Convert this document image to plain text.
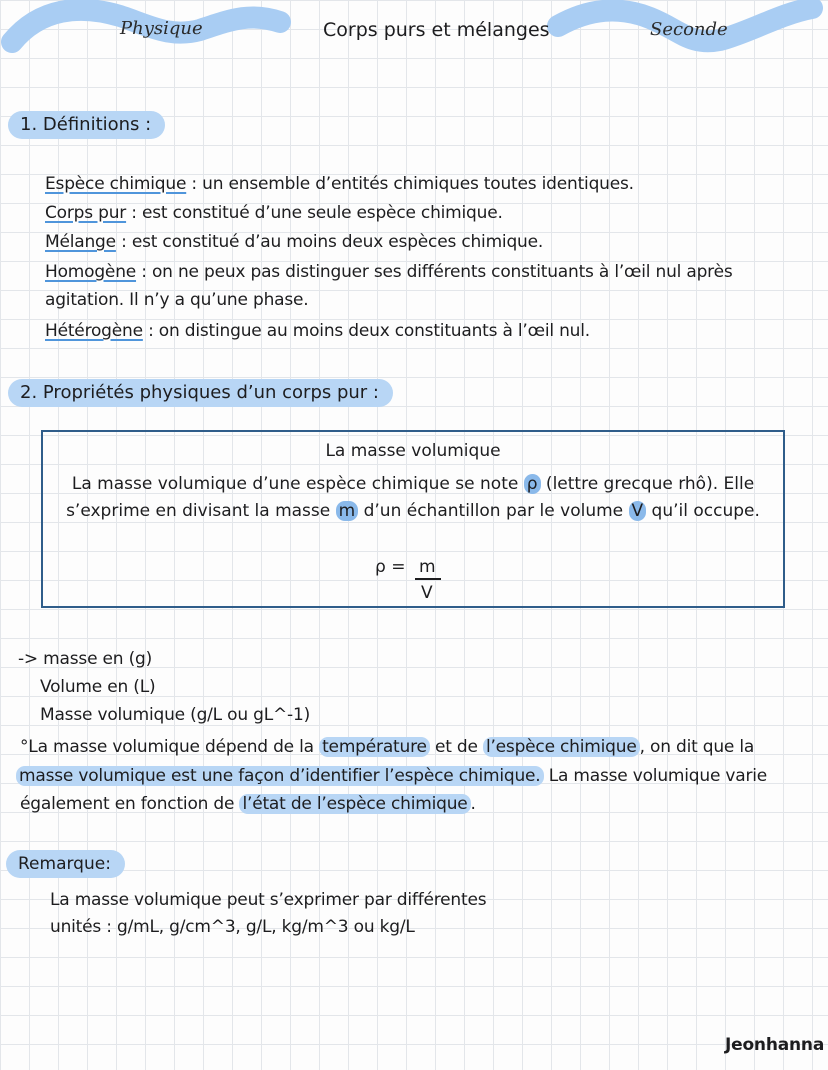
Physique	Corps purs et mélanges	Seconde
1. Définitions :
Espèce chimique : un ensemble d’entités chimiques toutes identiques.
Corps pur : est constitué d’une seule espèce chimique.
Mélange : est constitué d’au moins deux espèces chimique.
Homogène : on ne peux pas distinguer ses différents constituants à l’œil nul après
agitation. Il n’y a qu’une phase.
Hétérogène : on distingue au moins deux constituants à l’œil nul.
2. Propriétés physiques d’un corps pur :
La masse volumique
La masse volumique d’une espèce chimique se note ρ (lettre grecque rhô). Elle
s’exprime en divisant la masse m d’un échantillon par le volume V qu’il occupe.
ρ = m
V
-> masse en (g)
Volume en (L)
Masse volumique (g/L ou gL^-1)
°La masse volumique dépend de la température et de l’espèce chimique , on dit que la
masse volumique est une façon d’identifier l’espèce chimique. La masse volumique varie
également en fonction de l’état de l’espèce chimique .
Remarque:
La masse volumique peut s’exprimer par différentes
unités : g/mL, g/cm^3, g/L, kg/m^3 ou kg/L
Jeonhanna
